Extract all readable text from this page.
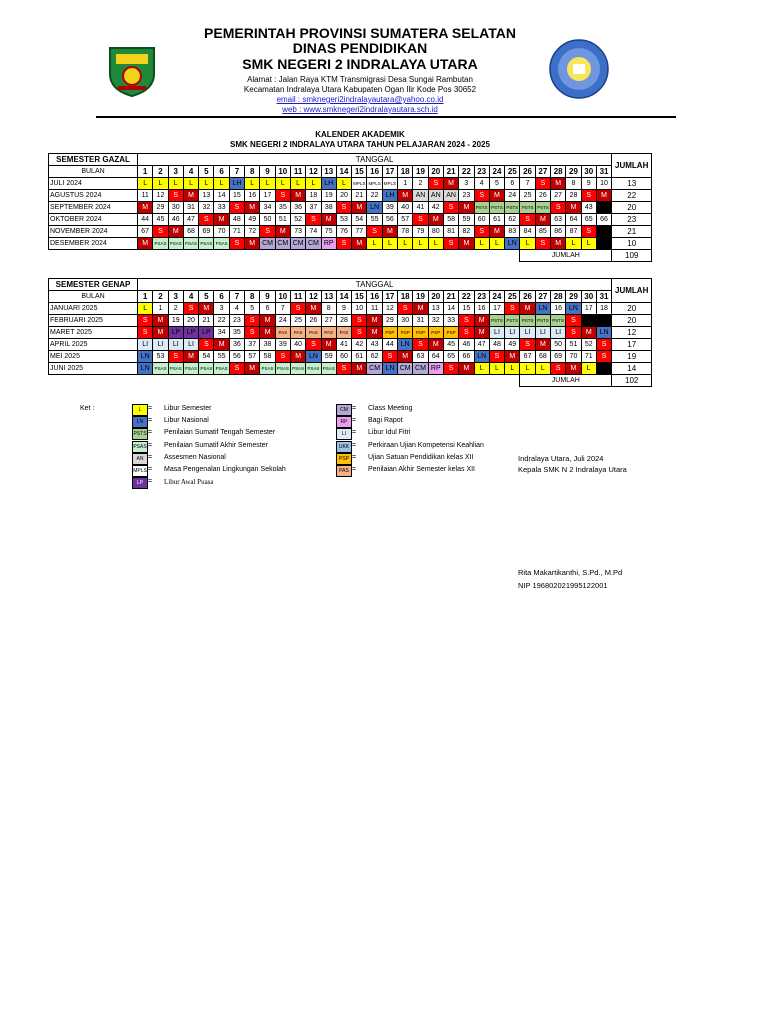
PEMERINTAH PROVINSI SUMATERA SELATAN
DINAS PENDIDIKAN
SMK NEGERI 2 INDRALAYA UTARA
Alamat : Jalan Raya KTM Transmigrasi Desa Sungai Rambutan
Kecamatan Indralaya Utara Kabupaten Ogan Ilir Kode Pos 30652
email : smknegeri2indralayautara@yahoo.co.id
web : www.smknegeri2indralayautara.sch.id
KALENDER AKADEMIK
SMK NEGERI 2 INDRALAYA UTARA TAHUN PELAJARAN 2024 - 2025
SEMESTER GAZAL	TANGGAL																															JUMLAH
BULAN	1	2	3	4	5	6	7	8	9	10	11	12	13	14	15	16	17	18	19	20	21	22	23	24	25	26	27	28	29	30	31	
JULI 2024	L	L	L	L	L	L	LH	L	L	L	L	L	LH	L	MPLS	MPLS	MPLS	1	2	S	M	3	4	5	6	7	S	M	8	9	10	13
AGUSTUS 2024	11	12	S	M	13	14	15	16	17	S	M	18	19	20	21	22	LH	M	AN	AN	AN	23	S	M	24	25	26	27	28	S	M	22
SEPTEMBER 2024	M	29	30	31	32	33	S	M	34	35	36	37	38	S	M	LN	39	40	41	42	S	M	PSTS	PSTS	PSTS	PSTS	PSTS	S	M	43		20
OKTOBER 2024	44	45	46	47	S	M	48	49	50	51	52	S	M	53	54	55	56	57	S	M	58	59	60	61	62	S	M	63	64	65	66	23
NOVEMBER 2024	67	S	M	68	69	70	71	72	S	M	73	74	75	76	77	S	M	78	79	80	81	82	S	M	83	84	85	86	87	S		21
DESEMBER 2024	M	PSAS	PSAS	PSAS	PSAS	PSAS	S	M	CM	CM	CM	CM	RP	S	M	L	L	L	L	L	S	M	L	L	LN	L	S	M	L	L		10
																										JUMLAH						109
SEMESTER GENAP	TANGGAL																															JUMLAH
BULAN	1	2	3	4	5	6	7	8	9	10	11	12	13	14	15	16	17	18	19	20	21	22	23	24	25	26	27	28	29	30	31	
JANUARI 2025	L	1	2	S	M	3	4	5	6	7	S	M	8	9	10	11	12	S	M	13	14	15	16	17	S	M	LN	16	LN	17	18	20
FEBRUARI 2025	S	M	19	20	21	22	23	S	M	24	25	26	27	28	S	M	29	30	31	32	33	S	M	PSTS	PSTS	PSTS	PSTS	PSTS	S			20
MARET 2025	S	M	LP	LP	LP	34	35	S	M	PAS	PAS	PAS	PAS	PAS	S	M	PSP	PSP	PSP	PSP	PSP	S	M	LI	LI	LI	LI	LI	S	M	LN	12
APRIL 2025	LI	LI	LI	LI	S	M	36	37	38	39	40	S	M	41	42	43	44	LN	S	M	45	46	47	48	49	S	M	50	51	52	S	17
MEI 2025	LN	53	S	M	54	55	56	57	58	S	M	LN	59	60	61	62	S	M	63	64	65	66	LN	S	M	67	68	69	70	71	S	19
JUNI 2025	LN	PSAS	PSAS	PSAS	PSAS	PSAS	S	M	PSAS	PSAS	PSAS	PSAS	PSAS	S	M	CM	LN	CM	CM	RP	S	M	L	L	L	L	L	S	M	L		14
																										JUMLAH						102
Ket :	L = Libur Semester
LN = Libur Nasional
PSTS = Penilaian Sumatif Tengah Semester
PSAS = Penilaian Sumatif Akhir Semester
AN = Assesmen Nasional
MPLS = Masa Pengenalan Lingkungan Sekolah
LP = Libur Awal Puasa
CM = Class Meeting
RP = Bagi Rapot
LI = Libur Idul Fitri
UKK = Perkiraan Ujian Kompetensi Keahlian
PSP = Ujian Satuan Pendidikan kelas XII
PAS = Penilaian Akhir Semester kelas XII
Indralaya Utara, Juli 2024
Kepala SMK N 2 Indralaya Utara
Rita Makartikanthi, S.Pd., M.Pd
NIP 196802021995122001
